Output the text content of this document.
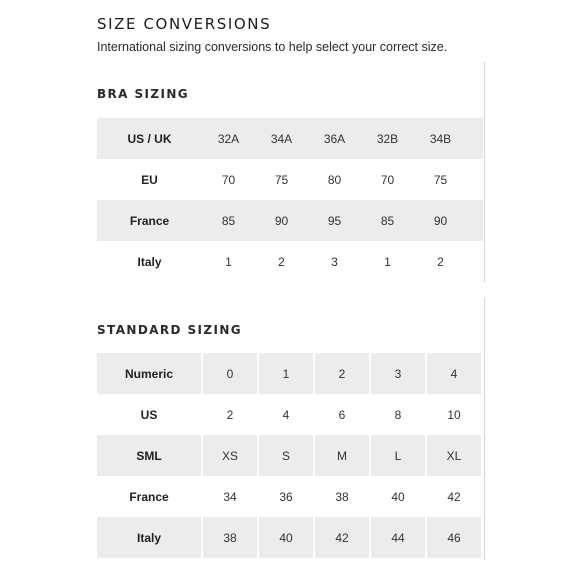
SIZE CONVERSIONS

International sizing conversions to help select your correct size.

BRA SIZING
US / UK	32A	34A	36A	32B	34B	
EU	70	75	80	70	75	
France	85	90	95	85	90	
Italy	1	2	3	1	2	
STANDARD SIZING
Numeric	0	1	2	3	4
US	2	4	6	8	10
SML	XS	S	M	L	XL
France	34	36	38	40	42
Italy	38	40	42	44	46
